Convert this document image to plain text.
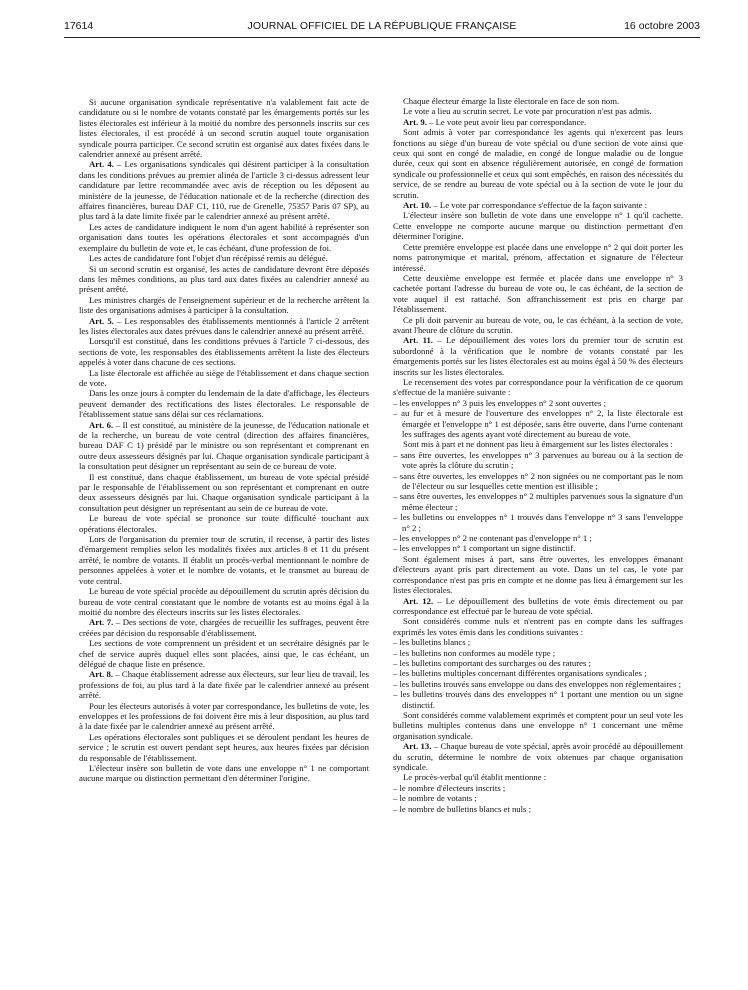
17614	JOURNAL OFFICIEL DE LA RÉPUBLIQUE FRANÇAISE	16 octobre 2003

Si aucune organisation syndicale représentative n'a valablement fait acte de candidature ou si le nombre de votants constaté par les émargements portés sur les listes électorales est inférieur à la moitié du nombre des personnels inscrits sur ces listes électorales, il est procédé à un second scrutin auquel toute organisation syndicale pourra participer. Ce second scrutin est organisé aux dates fixées dans le calendrier annexé au présent arrêté.

Art. 4. – Les organisations syndicales qui désirent participer à la consultation dans les conditions prévues au premier alinéa de l'article 3 ci-dessus adressent leur candidature par lettre recommandée avec avis de réception ou les déposent au ministère de la jeunesse, de l'éducation nationale et de la recherche (direction des affaires financières, bureau DAF C1, 110, rue de Grenelle, 75357 Paris 07 SP), au plus tard à la date limite fixée par le calendrier annexé au présent arrêté.

Les actes de candidature indiquent le nom d'un agent habilité à représenter son organisation dans toutes les opérations électorales et sont accompagnés d'un exemplaire du bulletin de vote et, le cas échéant, d'une profession de foi.

Les actes de candidature font l'objet d'un récépissé remis au délégué.

Si un second scrutin est organisé, les actes de candidature devront être déposés dans les mêmes conditions, au plus tard aux dates fixées au calendrier annexé au présent arrêté.

Les ministres chargés de l'enseignement supérieur et de la recherche arrêtent la liste des organisations admises à participer à la consultation.

Art. 5. – Les responsables des établissements mentionnés à l'article 2 arrêtent les listes électorales aux dates prévues dans le calendrier annexé au présent arrêté.

Lorsqu'il est constitué, dans les conditions prévues à l'article 7 ci-dessous, des sections de vote, les responsables des établissements arrêtent la liste des électeurs appelés à voter dans chacune de ces sections.

La liste électorale est affichée au siège de l'établissement et dans chaque section de vote.

Dans les onze jours à compter du lendemain de la date d'affichage, les électeurs peuvent demander des rectifications des listes électorales. Le responsable de l'établissement statue sans délai sur ces réclamations.

Art. 6. – Il est constitué, au ministère de la jeunesse, de l'éducation nationale et de la recherche, un bureau de vote central (direction des affaires financières, bureau DAF C 1) présidé par le ministre ou son représentant et comprenant en outre deux assesseurs désignés par lui. Chaque organisation syndicale participant à la consultation peut désigner un représentant au sein de ce bureau de vote.

Il est constitué, dans chaque établissement, un bureau de vote spécial présidé par le responsable de l'établissement ou son représentant et comprenant en outre deux assesseurs désignés par lui. Chaque organisation syndicale participant à la consultation peut désigner un représentant au sein de ce bureau de vote.

Le bureau de vote spécial se prononce sur toute difficulté touchant aux opérations électorales.

Lors de l'organisation du premier tour de scrutin, il recense, à partir des listes d'émargement remplies selon les modalités fixées aux articles 8 et 11 du présent arrêté, le nombre de votants. Il établit un procès-verbal mentionnant le nombre de personnes appelées à voter et le nombre de votants, et le transmet au bureau de vote central.

Le bureau de vote spécial procède au dépouillement du scrutin après décision du bureau de vote central constatant que le nombre de votants est au moins égal à la moitié du nombre des électeurs inscrits sur les listes électorales.

Art. 7. – Des sections de vote, chargées de recueillir les suffrages, peuvent être créées par décision du responsable d'établissement.

Les sections de vote comprennent un président et un secrétaire désignés par le chef de service auprès duquel elles sont placées, ainsi que, le cas échéant, un délégué de chaque liste en présence.

Art. 8. – Chaque établissement adresse aux électeurs, sur leur lieu de travail, les professions de foi, au plus tard à la date fixée par le calendrier annexé au présent arrêté.

Pour les électeurs autorisés à voter par correspondance, les bulletins de vote, les enveloppes et les professions de foi doivent être mis à leur disposition, au plus tard à la date fixée par le calendrier annexé au présent arrêté.

Les opérations électorales sont publiques et se déroulent pendant les heures de service ; le scrutin est ouvert pendant sept heures, aux heures fixées par décision du responsable de l'établissement.

L'électeur insère son bulletin de vote dans une enveloppe n° 1 ne comportant aucune marque ou distinction permettant d'en déterminer l'origine.

Chaque électeur émarge la liste électorale en face de son nom.

Le vote a lieu au scrutin secret. Le vote par procuration n'est pas admis.

Art. 9. – Le vote peut avoir lieu par correspondance.

Sont admis à voter par correspondance les agents qui n'exercent pas leurs fonctions au siège d'un bureau de vote spécial ou d'une section de vote ainsi que ceux qui sont en congé de maladie, en congé de longue maladie ou de longue durée, ceux qui sont en absence régulièrement autorisée, en congé de formation syndicale ou professionnelle et ceux qui sont empêchés, en raison des nécessités du service, de se rendre au bureau de vote spécial ou à la section de vote le jour du scrutin.

Art. 10. – Le vote par correspondance s'effectue de la façon suivante :

L'électeur insère son bulletin de vote dans une enveloppe n° 1 qu'il cachette. Cette enveloppe ne comporte aucune marque ou distinction permettant d'en déterminer l'origine.

Cette première enveloppe est placée dans une enveloppe n° 2 qui doit porter les noms patronymique et marital, prénom, affectation et signature de l'électeur intéressé.

Cette deuxième enveloppe est fermée et placée dans une enveloppe n° 3 cachetée portant l'adresse du bureau de vote ou, le cas échéant, de la section de vote auquel il est rattaché. Son affranchissement est pris en charge par l'établissement.

Ce pli doit parvenir au bureau de vote, ou, le cas échéant, à la section de vote, avant l'heure de clôture du scrutin.

Art. 11. – Le dépouillement des votes lors du premier tour de scrutin est subordonné à la vérification que le nombre de votants constaté par les émargements portés sur les listes électorales est au moins égal à 50 % des électeurs inscrits sur les listes électorales.

Le recensement des votes par correspondance pour la vérification de ce quorum s'effectue de la manière suivante :

– les enveloppes n° 3 puis les enveloppes n° 2 sont ouvertes ;
– au fur et à mesure de l'ouverture des enveloppes n° 2, la liste électorale est émargée et l'enveloppe n° 1 est déposée, sans être ouverte, dans l'urne contenant les suffrages des agents ayant voté directement au bureau de vote.

Sont mis à part et ne donnent pas lieu à émargement sur les listes électorales :

– sans être ouvertes, les enveloppes n° 3 parvenues au bureau ou à la section de vote après la clôture du scrutin ;
– sans être ouvertes, les enveloppes n° 2 non signées ou ne comportant pas le nom de l'électeur ou sur lesquelles cette mention est illisible ;
– sans être ouvertes, les enveloppes n° 2 multiples parvenues sous la signature d'un même électeur ;
– les bulletins ou enveloppes n° 1 trouvés dans l'enveloppe n° 3 sans l'enveloppe n° 2 ;
– les enveloppes n° 2 ne contenant pas d'enveloppe n° 1 ;
– les enveloppes n° 1 comportant un signe distinctif.

Sont également mises à part, sans être ouvertes, les enveloppes émanant d'électeurs ayant pris part directement au vote. Dans un tel cas, le vote par correspondance n'est pas pris en compte et ne donne pas lieu à émargement sur les listes électorales.

Art. 12. – Le dépouillement des bulletins de vote émis directement ou par correspondance est effectué par le bureau de vote spécial.

Sont considérés comme nuls et n'entrent pas en compte dans les suffrages exprimés les votes émis dans les conditions suivantes :

– les bulletins blancs ;
– les bulletins non conformes au modèle type ;
– les bulletins comportant des surcharges ou des ratures ;
– les bulletins multiples concernant différentes organisations syndicales ;
– les bulletins trouvés sans enveloppe ou dans des enveloppes non réglementaires ;
– les bulletins trouvés dans des enveloppes n° 1 portant une mention ou un signe distinctif.

Sont considérés comme valablement exprimés et comptent pour un seul vote les bulletins multiples contenus dans une enveloppe n° 1 concernant une même organisation syndicale.

Art. 13. – Chaque bureau de vote spécial, après avoir procédé au dépouillement du scrutin, détermine le nombre de voix obtenues par chaque organisation syndicale.

Le procès-verbal qu'il établit mentionne :

– le nombre d'électeurs inscrits ;
– le nombre de votants ;
– le nombre de bulletins blancs et nuls ;
